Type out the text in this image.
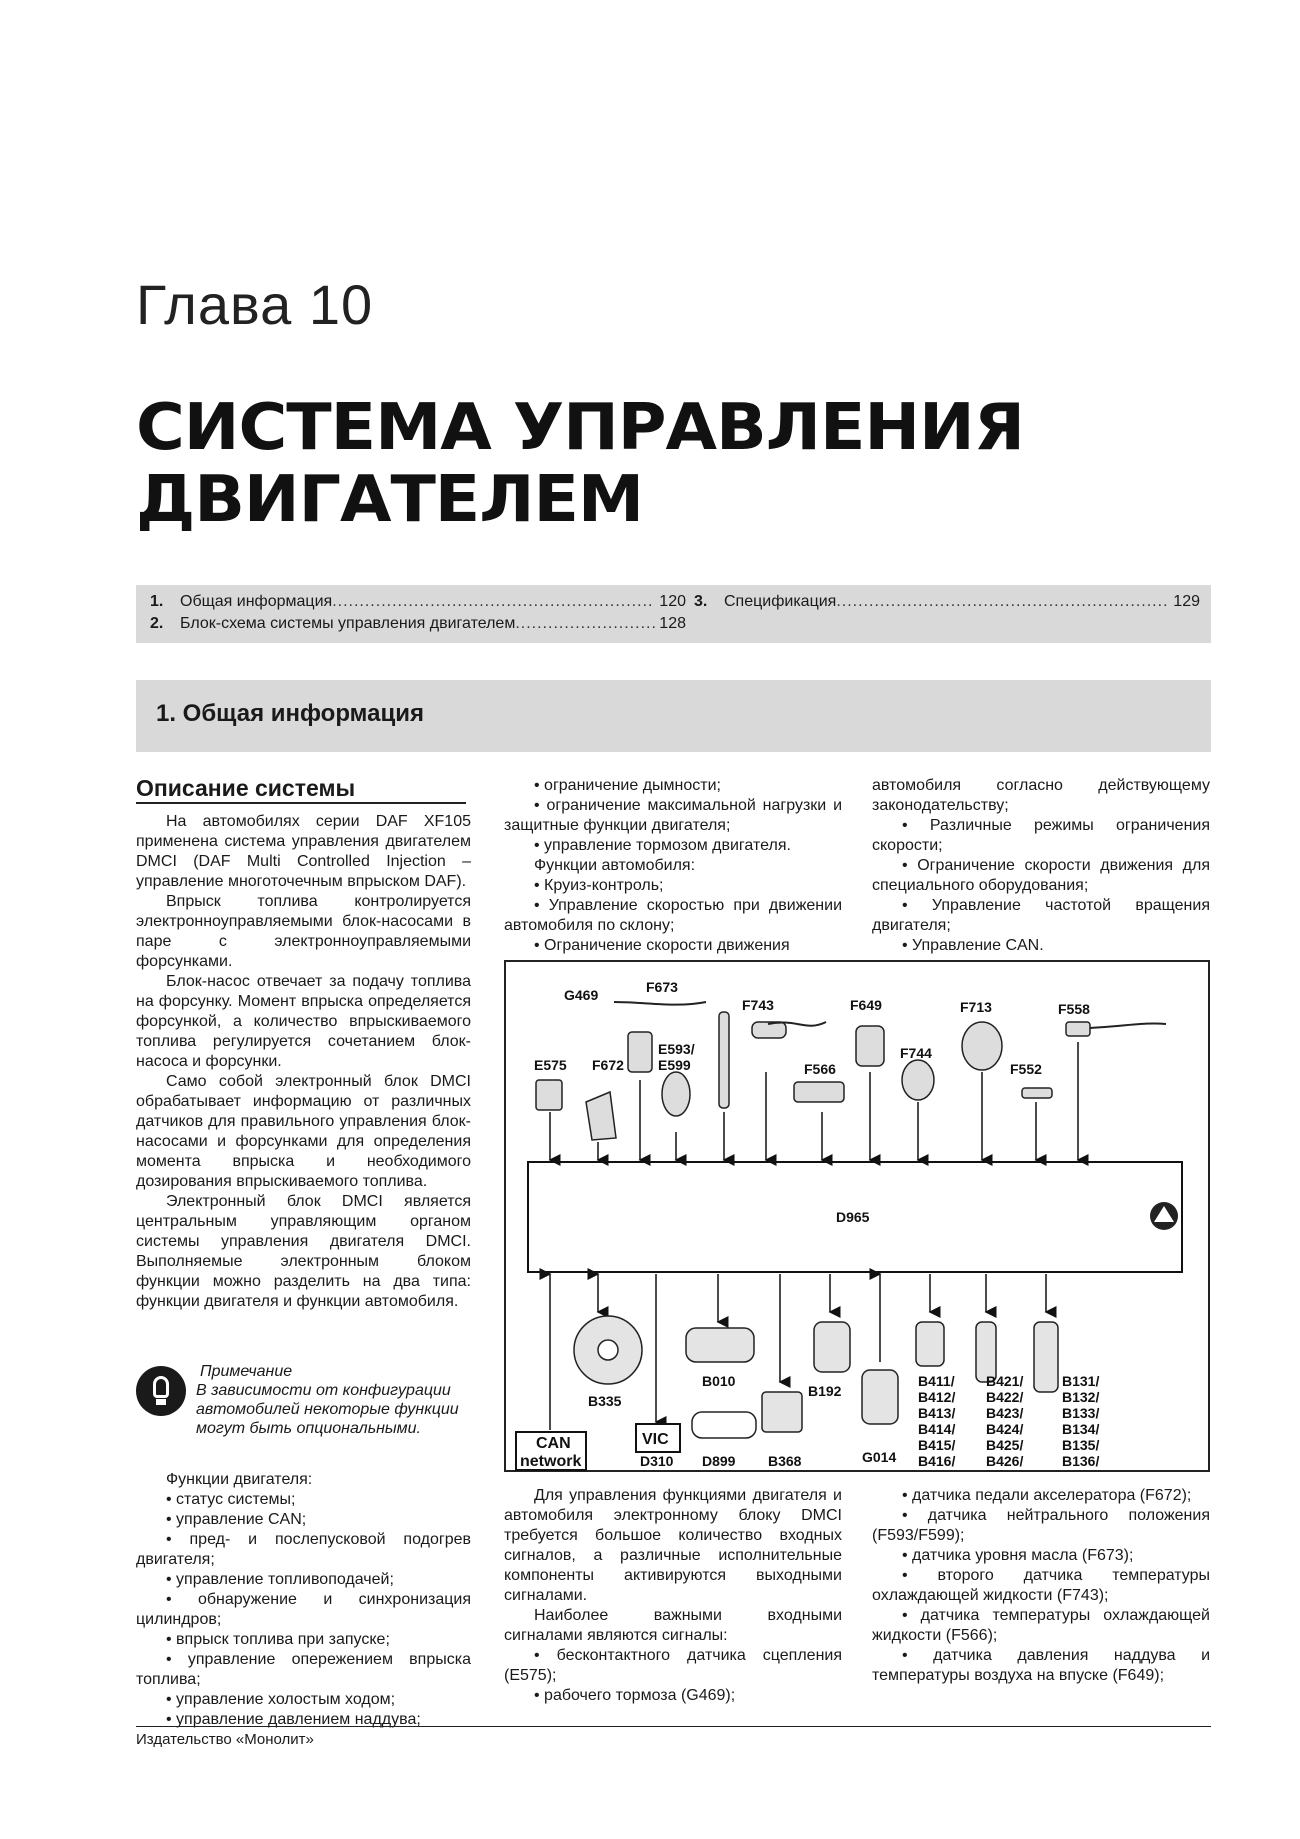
Глава 10
СИСТЕМА УПРАВЛЕНИЯ ДВИГАТЕЛЕМ
1.	Общая информация .....	120
2.	Блок-схема системы управления двигателем .....	128
3.	Спецификация .....	129
1. Общая информация
Описание системы

На автомобилях серии DAF XF105 применена система управления двигателем DMCI (DAF Multi Controlled Injection – управление многоточечным впрыском DAF).

Впрыск топлива контролируется электронноуправляемыми блок-насосами в паре с электронноуправляемыми форсунками.

Блок-насос отвечает за подачу топлива на форсунку. Момент впрыска определяется форсункой, а количество впрыскиваемого топлива регулируется сочетанием блок-насоса и форсунки.

Само собой электронный блок DMCI обрабатывает информацию от различных датчиков для правильного управления блок-насосами и форсунками для определения момента впрыска и необходимого дозирования впрыскиваемого топлива.

Электронный блок DMCI является центральным управляющим органом системы управления двигателя DMCI. Выполняемые электронным блоком функции можно разделить на два типа: функции двигателя и функции автомобиля.

Примечание
В зависимости от конфигурации автомобилей некоторые функции могут быть опциональными.

Функции двигателя:

• статус системы;

• управление CAN;

• пред- и послепусковой подогрев двигателя;

• управление топливоподачей;

• обнаружение и синхронизация цилиндров;

• впрыск топлива при запуске;

• управление опережением впрыска топлива;

• управление холостым ходом;

• управление давлением наддува;

• ограничение дымности;

• ограничение максимальной нагрузки и защитные функции двигателя;

• управление тормозом двигателя.

Функции автомобиля:

• Круиз-контроль;

• Управление скоростью при движении автомобиля по склону;

• Ограничение скорости движения

автомобиля согласно действующему законодательству;

• Различные режимы ограничения скорости;

• Ограничение скорости движения для специального оборудования;

• Управление частотой вращения двигателя;

• Управление CAN.

D965
G469	F673
F743	F649	F713	F558
E575 F672
E593/
E599	F566
F744
F552
CAN
network
VIC
B335
B010
B192
G014
D310 D899 B368
B411/
B412/
B413/
B414/
B415/
B416/
B421/
B422/
B423/
B424/
B425/
B426/
B131/
B132/
B133/
B134/
B135/
B136/

Для управления функциями двигателя и автомобиля электронному блоку DMCI требуется большое количество входных сигналов, а различные исполнительные компоненты активируются выходными сигналами.

Наиболее важными входными сигналами являются сигналы:

• бесконтактного датчика сцепления (E575);

• рабочего тормоза (G469);

• датчика педали акселератора (F672);

• датчика нейтрального положения (F593/F599);

• датчика уровня масла (F673);

• второго датчика температуры охлаждающей жидкости (F743);

• датчика температуры охлаждающей жидкости (F566);

• датчика давления наддува и температуры воздуха на впуске (F649);

Издательство «Монолит»
